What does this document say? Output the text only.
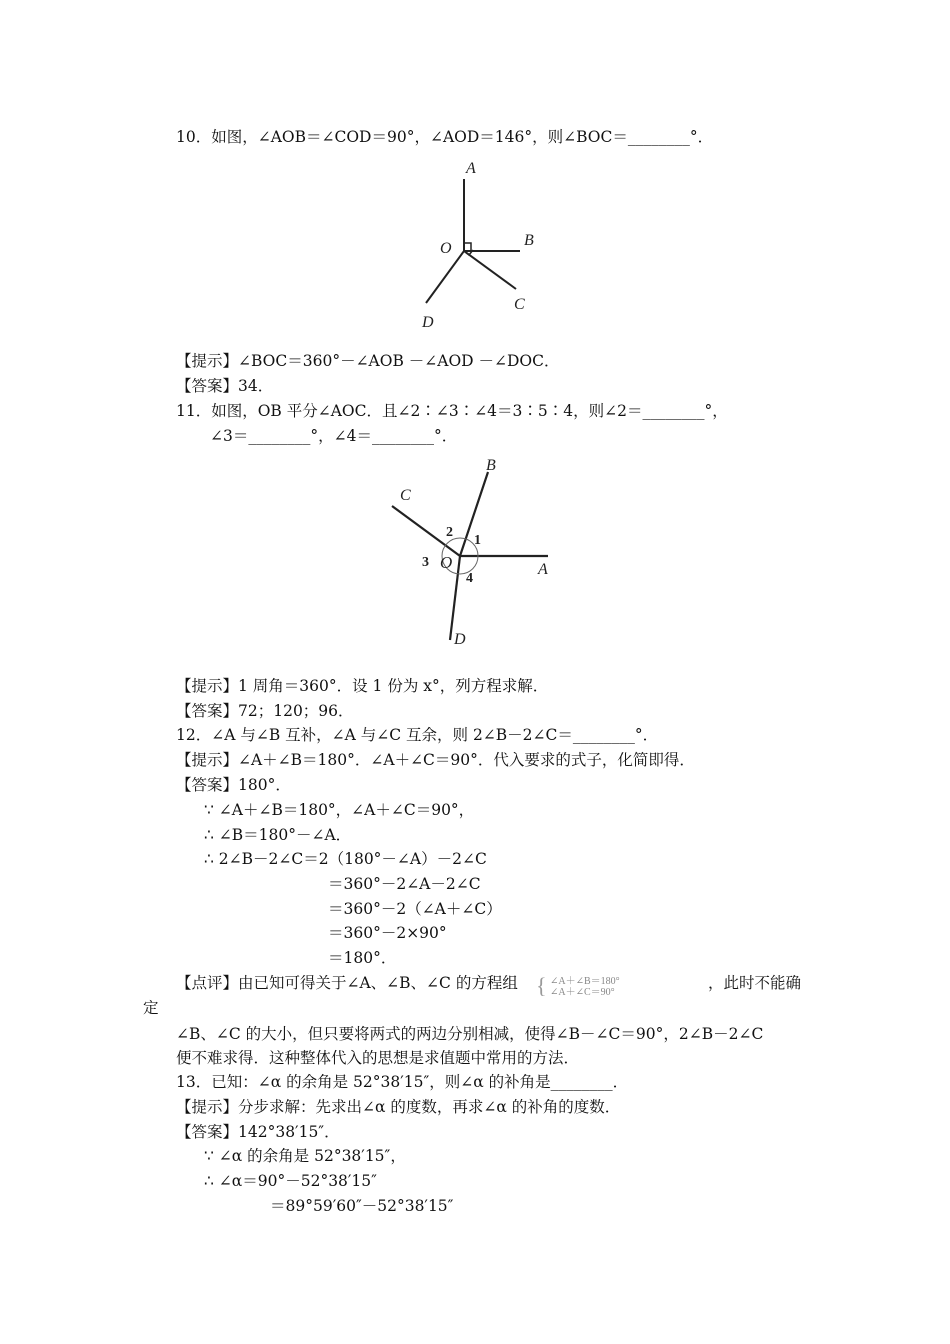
10．如图，∠AOB＝∠COD＝90°，∠AOD＝146°，则∠BOC＝________°．
A
B
C
D
O
【提示】∠BOC＝360°－∠AOB －∠AOD －∠DOC．
【答案】34．
11．如图，OB 平分∠AOC．且∠2∶∠3∶∠4＝3∶5∶4，则∠2＝________°，
∠3＝________°，∠4＝________°．
B
C
A
D
O
1
2
3
4
【提示】1 周角＝360°．设 1 份为 x°，列方程求解．
【答案】72；120；96．
12．∠A 与∠B 互补，∠A 与∠C 互余，则 2∠B－2∠C＝________°．
【提示】∠A＋∠B＝180°．∠A＋∠C＝90°．代入要求的式子，化简即得．
【答案】180°．
∵ ∠A＋∠B＝180°，∠A＋∠C＝90°，
∴ ∠B＝180°－∠A．
∴ 2∠B－2∠C＝2（180°－∠A）－2∠C
＝360°－2∠A－2∠C
＝360°－2（∠A＋∠C）
＝360°－2×90°
＝180°．
【点评】由已知可得关于∠A、∠B、∠C 的方程组 { ∠A＋∠B＝180°
∠A＋∠C＝90°
，此时不能确
定
∠B、∠C 的大小，但只要将两式的两边分别相减，使得∠B－∠C＝90°，2∠B－2∠C
便不难求得．这种整体代入的思想是求值题中常用的方法．
13．已知：∠α 的余角是 52°38′15″，则∠α 的补角是________．
【提示】分步求解：先求出∠α 的度数，再求∠α 的补角的度数．
【答案】142°38′15″．
∵ ∠α 的余角是 52°38′15″，
∴ ∠α＝90°－52°38′15″
＝89°59′60″－52°38′15″
